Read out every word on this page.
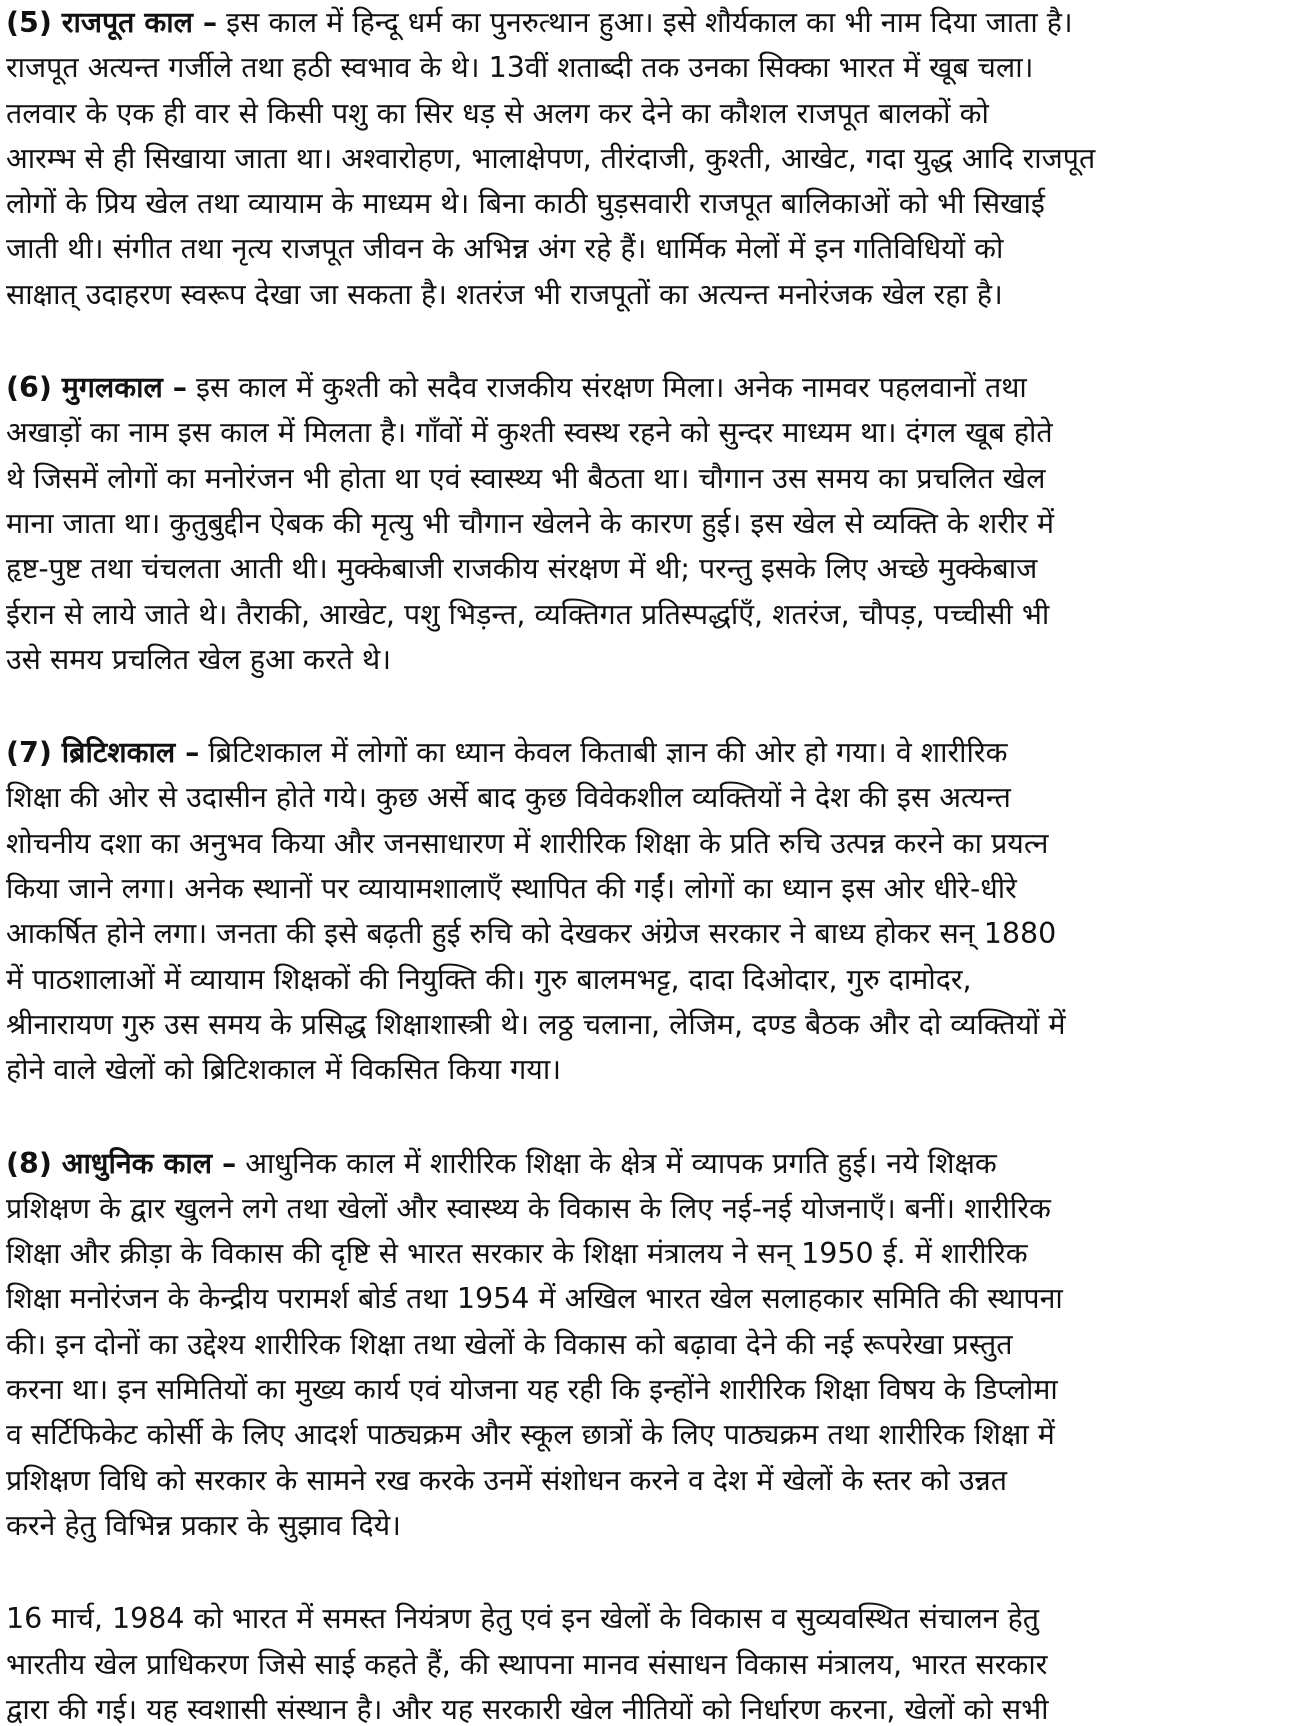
(5) राजपूत काल – इस काल में हिन्दू धर्म का पुनरुत्थान हुआ। इसे शौर्यकाल का भी नाम दिया जाता है।
राजपूत अत्यन्त गर्जीले तथा हठी स्वभाव के थे। 13वीं शताब्दी तक उनका सिक्का भारत में खूब चला।
तलवार के एक ही वार से किसी पशु का सिर धड़ से अलग कर देने का कौशल राजपूत बालकों को
आरम्भ से ही सिखाया जाता था। अश्वारोहण, भालाक्षेपण, तीरंदाजी, कुश्ती, आखेट, गदा युद्ध आदि राजपूत
लोगों के प्रिय खेल तथा व्यायाम के माध्यम थे। बिना काठी घुड़सवारी राजपूत बालिकाओं को भी सिखाई
जाती थी। संगीत तथा नृत्य राजपूत जीवन के अभिन्न अंग रहे हैं। धार्मिक मेलों में इन गतिविधियों को
साक्षात् उदाहरण स्वरूप देखा जा सकता है। शतरंज भी राजपूतों का अत्यन्त मनोरंजक खेल रहा है।

(6) मुगलकाल – इस काल में कुश्ती को सदैव राजकीय संरक्षण मिला। अनेक नामवर पहलवानों तथा
अखाड़ों का नाम इस काल में मिलता है। गाँवों में कुश्ती स्वस्थ रहने को सुन्दर माध्यम था। दंगल खूब होते
थे जिसमें लोगों का मनोरंजन भी होता था एवं स्वास्थ्य भी बैठता था। चौगान उस समय का प्रचलित खेल
माना जाता था। कुतुबुद्दीन ऐबक की मृत्यु भी चौगान खेलने के कारण हुई। इस खेल से व्यक्ति के शरीर में
हृष्ट-पुष्ट तथा चंचलता आती थी। मुक्केबाजी राजकीय संरक्षण में थी; परन्तु इसके लिए अच्छे मुक्केबाज
ईरान से लाये जाते थे। तैराकी, आखेट, पशु भिड़न्त, व्यक्तिगत प्रतिस्पर्द्धाएँ, शतरंज, चौपड़, पच्चीसी भी
उसे समय प्रचलित खेल हुआ करते थे।

(7) ब्रिटिशकाल – ब्रिटिशकाल में लोगों का ध्यान केवल किताबी ज्ञान की ओर हो गया। वे शारीरिक
शिक्षा की ओर से उदासीन होते गये। कुछ अर्से बाद कुछ विवेकशील व्यक्तियों ने देश की इस अत्यन्त
शोचनीय दशा का अनुभव किया और जनसाधारण में शारीरिक शिक्षा के प्रति रुचि उत्पन्न करने का प्रयत्न
किया जाने लगा। अनेक स्थानों पर व्यायामशालाएँ स्थापित की गईं। लोगों का ध्यान इस ओर धीरे-धीरे
आकर्षित होने लगा। जनता की इसे बढ़ती हुई रुचि को देखकर अंग्रेज सरकार ने बाध्य होकर सन् 1880
में पाठशालाओं में व्यायाम शिक्षकों की नियुक्ति की। गुरु बालमभट्ट, दादा दिओदार, गुरु दामोदर,
श्रीनारायण गुरु उस समय के प्रसिद्ध शिक्षाशास्त्री थे। लठ्ठ चलाना, लेजिम, दण्ड बैठक और दो व्यक्तियों में
होने वाले खेलों को ब्रिटिशकाल में विकसित किया गया।

(8) आधुनिक काल – आधुनिक काल में शारीरिक शिक्षा के क्षेत्र में व्यापक प्रगति हुई। नये शिक्षक
प्रशिक्षण के द्वार खुलने लगे तथा खेलों और स्वास्थ्य के विकास के लिए नई-नई योजनाएँ। बनीं। शारीरिक
शिक्षा और क्रीड़ा के विकास की दृष्टि से भारत सरकार के शिक्षा मंत्रालय ने सन् 1950 ई. में शारीरिक
शिक्षा मनोरंजन के केन्द्रीय परामर्श बोर्ड तथा 1954 में अखिल भारत खेल सलाहकार समिति की स्थापना
की। इन दोनों का उद्देश्य शारीरिक शिक्षा तथा खेलों के विकास को बढ़ावा देने की नई रूपरेखा प्रस्तुत
करना था। इन समितियों का मुख्य कार्य एवं योजना यह रही कि इन्होंने शारीरिक शिक्षा विषय के डिप्लोमा
व सर्टिफिकेट कोर्सी के लिए आदर्श पाठ्यक्रम और स्कूल छात्रों के लिए पाठ्यक्रम तथा शारीरिक शिक्षा में
प्रशिक्षण विधि को सरकार के सामने रख करके उनमें संशोधन करने व देश में खेलों के स्तर को उन्नत
करने हेतु विभिन्न प्रकार के सुझाव दिये।

16 मार्च, 1984 को भारत में समस्त नियंत्रण हेतु एवं इन खेलों के विकास व सुव्यवस्थित संचालन हेतु
भारतीय खेल प्राधिकरण जिसे साई कहते हैं, की स्थापना मानव संसाधन विकास मंत्रालय, भारत सरकार
द्वारा की गई। यह स्वशासी संस्थान है। और यह सरकारी खेल नीतियों को निर्धारण करना, खेलों को सभी
